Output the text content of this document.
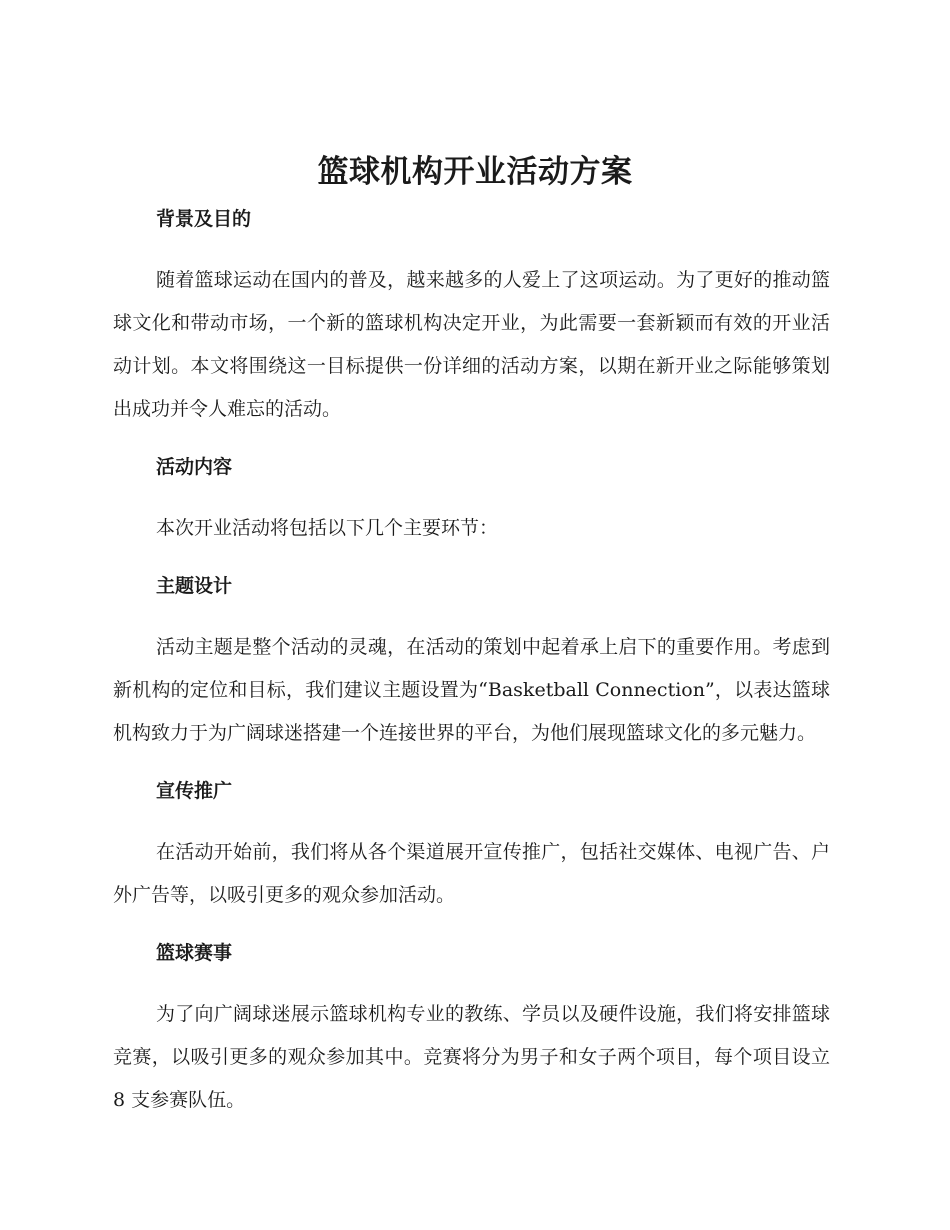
篮球机构开业活动方案
背景及目的

随着篮球运动在国内的普及，越来越多的人爱上了这项运动。为了更好的推动篮球文化和带动市场，一个新的篮球机构决定开业，为此需要一套新颖而有效的开业活动计划。本文将围绕这一目标提供一份详细的活动方案，以期在新开业之际能够策划出成功并令人难忘的活动。

活动内容

本次开业活动将包括以下几个主要环节：

主题设计

活动主题是整个活动的灵魂，在活动的策划中起着承上启下的重要作用。考虑到新机构的定位和目标，我们建议主题设置为“Basketball Connection”，以表达篮球机构致力于为广阔球迷搭建一个连接世界的平台，为他们展现篮球文化的多元魅力。

宣传推广

在活动开始前，我们将从各个渠道展开宣传推广，包括社交媒体、电视广告、户外广告等，以吸引更多的观众参加活动。

篮球赛事

为了向广阔球迷展示篮球机构专业的教练、学员以及硬件设施，我们将安排篮球竞赛，以吸引更多的观众参加其中。竞赛将分为男子和女子两个项目，每个项目设立 8 支参赛队伍。
